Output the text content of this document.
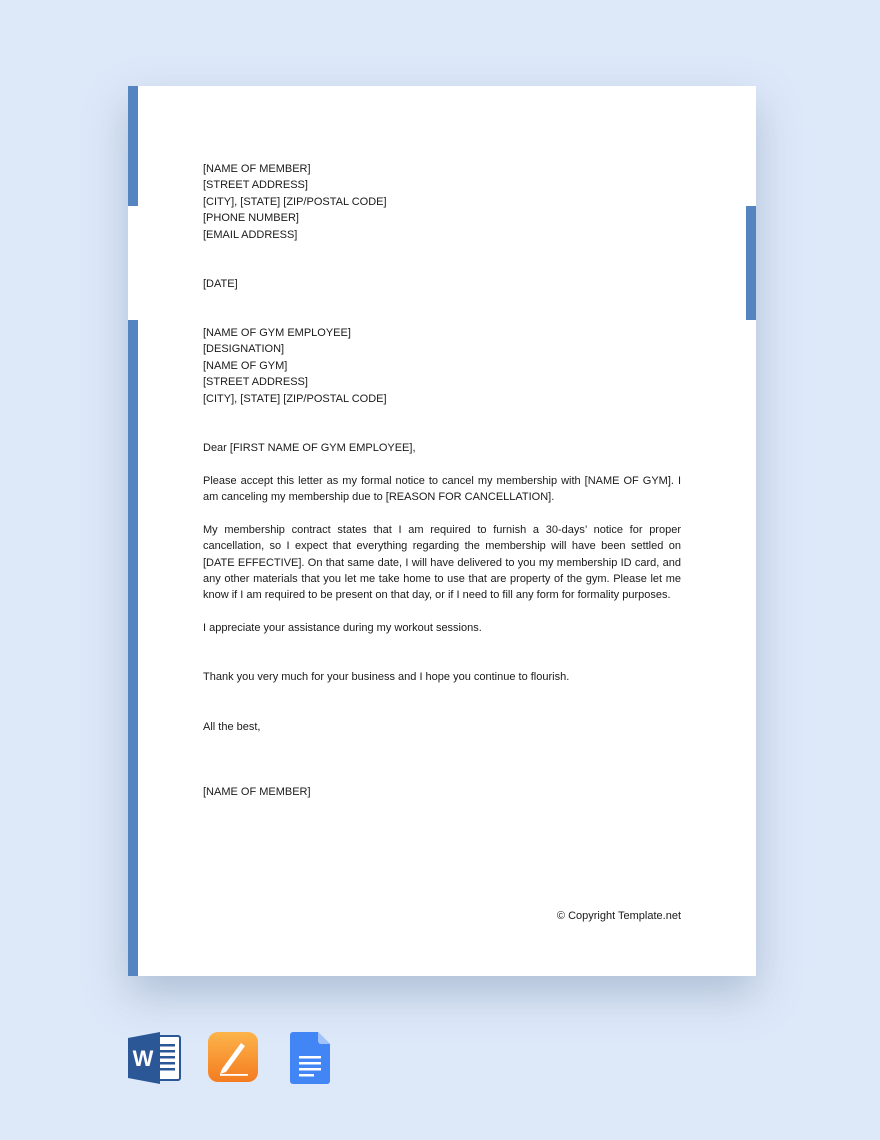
[NAME OF MEMBER]
[STREET ADDRESS]
[CITY], [STATE] [ZIP/POSTAL CODE]
[PHONE NUMBER]
[EMAIL ADDRESS]
[DATE]
[NAME OF GYM EMPLOYEE]
[DESIGNATION]
[NAME OF GYM]
[STREET ADDRESS]
[CITY], [STATE] [ZIP/POSTAL CODE]
Dear [FIRST NAME OF GYM EMPLOYEE],

Please accept this letter as my formal notice to cancel my membership with [NAME OF GYM]. I am canceling my membership due to [REASON FOR CANCELLATION].

My membership contract states that I am required to furnish a 30-days’ notice for proper cancellation, so I expect that everything regarding the membership will have been settled on [DATE EFFECTIVE]. On that same date, I will have delivered to you my membership ID card, and any other materials that you let me take home to use that are property of the gym. Please let me know if I am required to be present on that day, or if I need to fill any form for formality purposes.

I appreciate your assistance during my workout sessions.

Thank you very much for your business and I hope you continue to flourish.

All the best,
[NAME OF MEMBER]
© Copyright Template.net
W
